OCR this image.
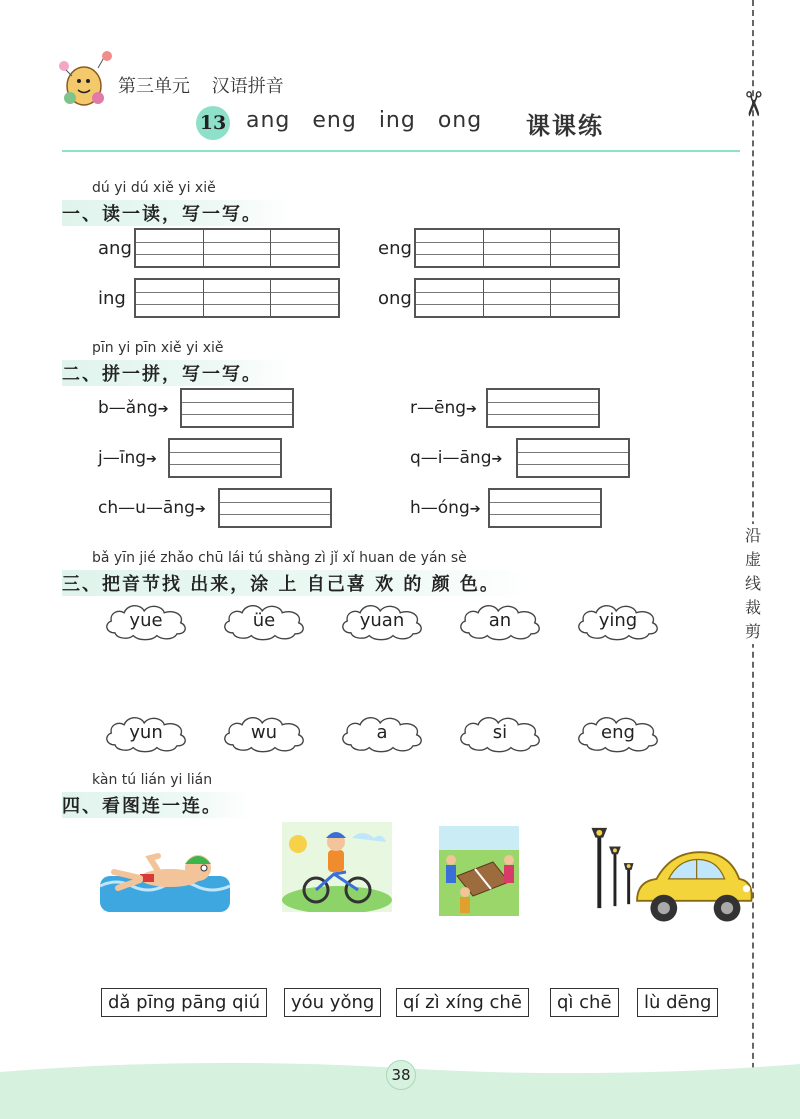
第三单元 汉语拼音
13 ang eng ing ong 课课练
✂
沿
虚
线
裁
剪
dú yi dú xiě yi xiě
一、读一读，写一写。
ang	eng
ing	ong
pīn yi pīn xiě yi xiě
二、拼一拼，写一写。
b—ǎng➔	r—ēng➔
j—īng➔	q—i—āng➔
ch—u—āng➔	h—óng➔
bǎ yīn jié zhǎo chū lái tú shàng zì jǐ xǐ huan de yán sè
三、把音节找 出来，涂 上 自己喜 欢 的 颜 色。
yue	üe	yuan	an	ying
yun	wu	a	si	eng
kàn tú lián yi lián
四、看图连一连。
dǎ pīng pāng qiú	yóu yǒng	qí zì xíng chē	qì chē	lù dēng
38
